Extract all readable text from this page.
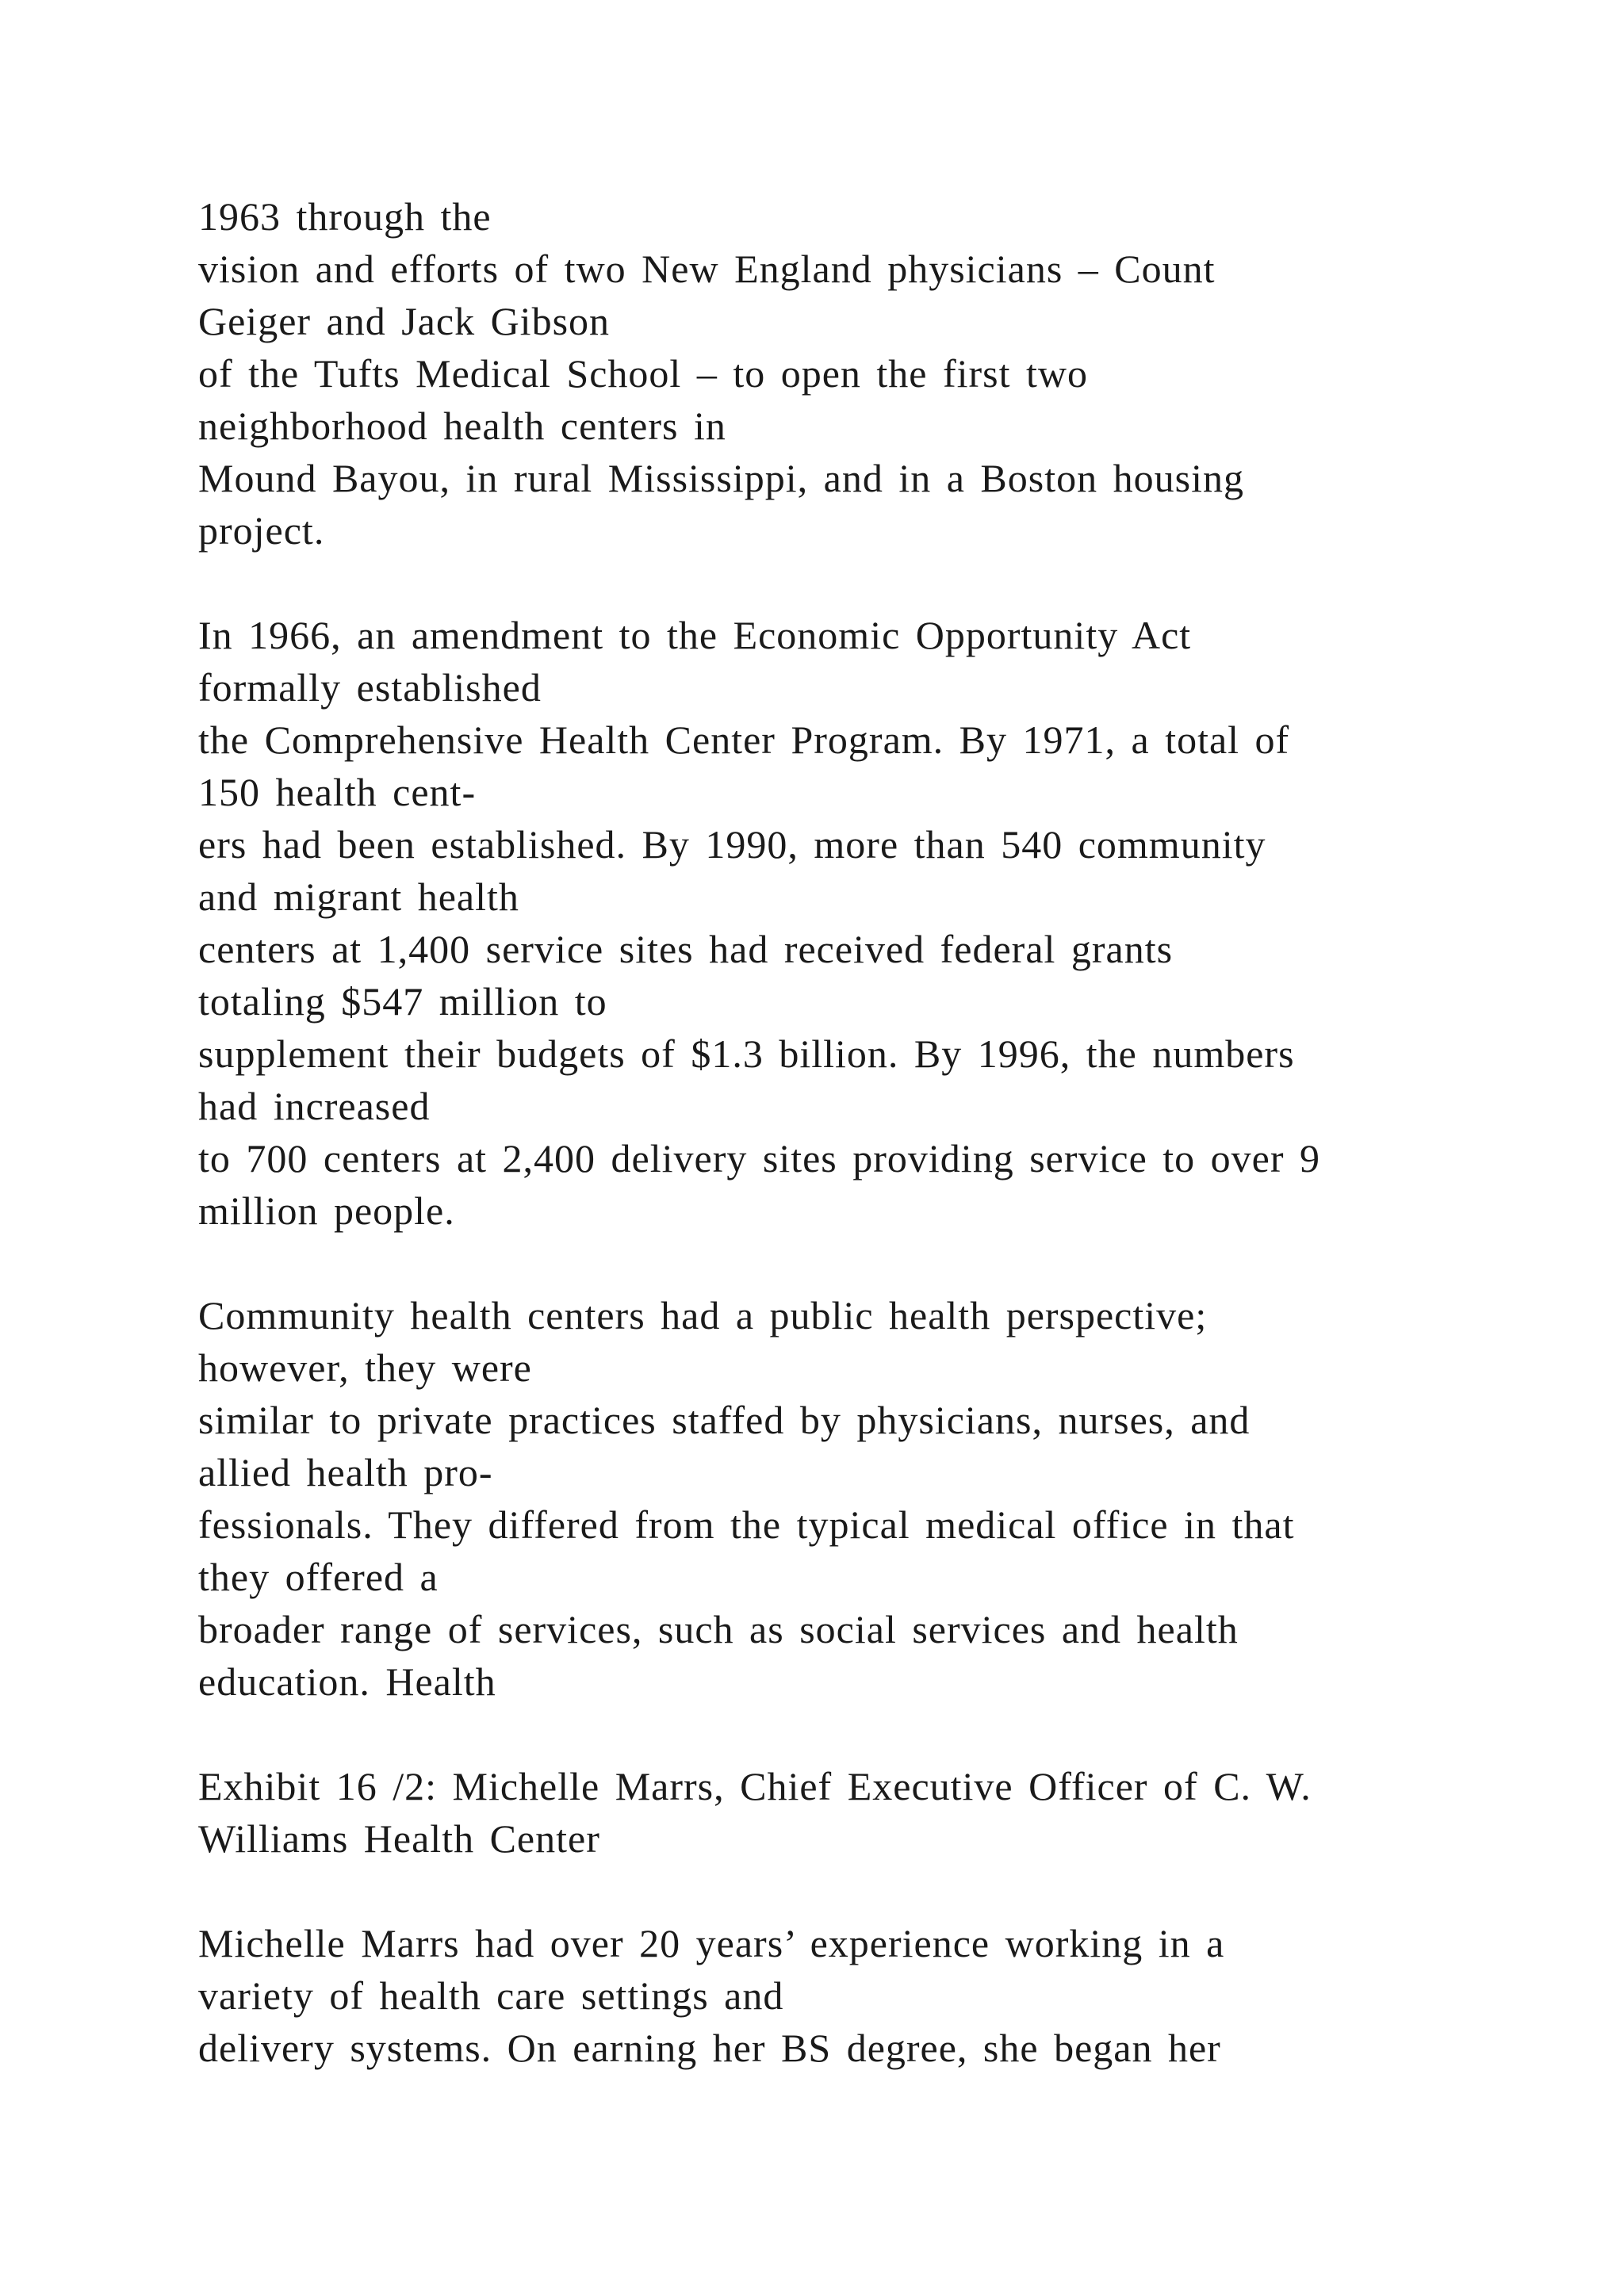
1963 through the
vision and efforts of two New England physicians – Count
Geiger and Jack Gibson
of the Tufts Medical School – to open the first two
neighborhood health centers in
Mound Bayou, in rural Mississippi, and in a Boston housing
project.
In 1966, an amendment to the Economic Opportunity Act
formally established
the Comprehensive Health Center Program. By 1971, a total of
150 health cent-
ers had been established. By 1990, more than 540 community
and migrant health
centers at 1,400 service sites had received federal grants
totaling $547 million to
supplement their budgets of $1.3 billion. By 1996, the numbers
had increased
to 700 centers at 2,400 delivery sites providing service to over 9
million people.
Community health centers had a public health perspective;
however, they were
similar to private practices staffed by physicians, nurses, and
allied health pro-
fessionals. They differed from the typical medical office in that
they offered a
broader range of services, such as social services and health
education. Health
Exhibit 16 /2: Michelle Marrs, Chief Executive Officer of C. W.
Williams Health Center
Michelle Marrs had over 20 years’ experience working in a
variety of health care settings and
delivery systems. On earning her BS degree, she began her
